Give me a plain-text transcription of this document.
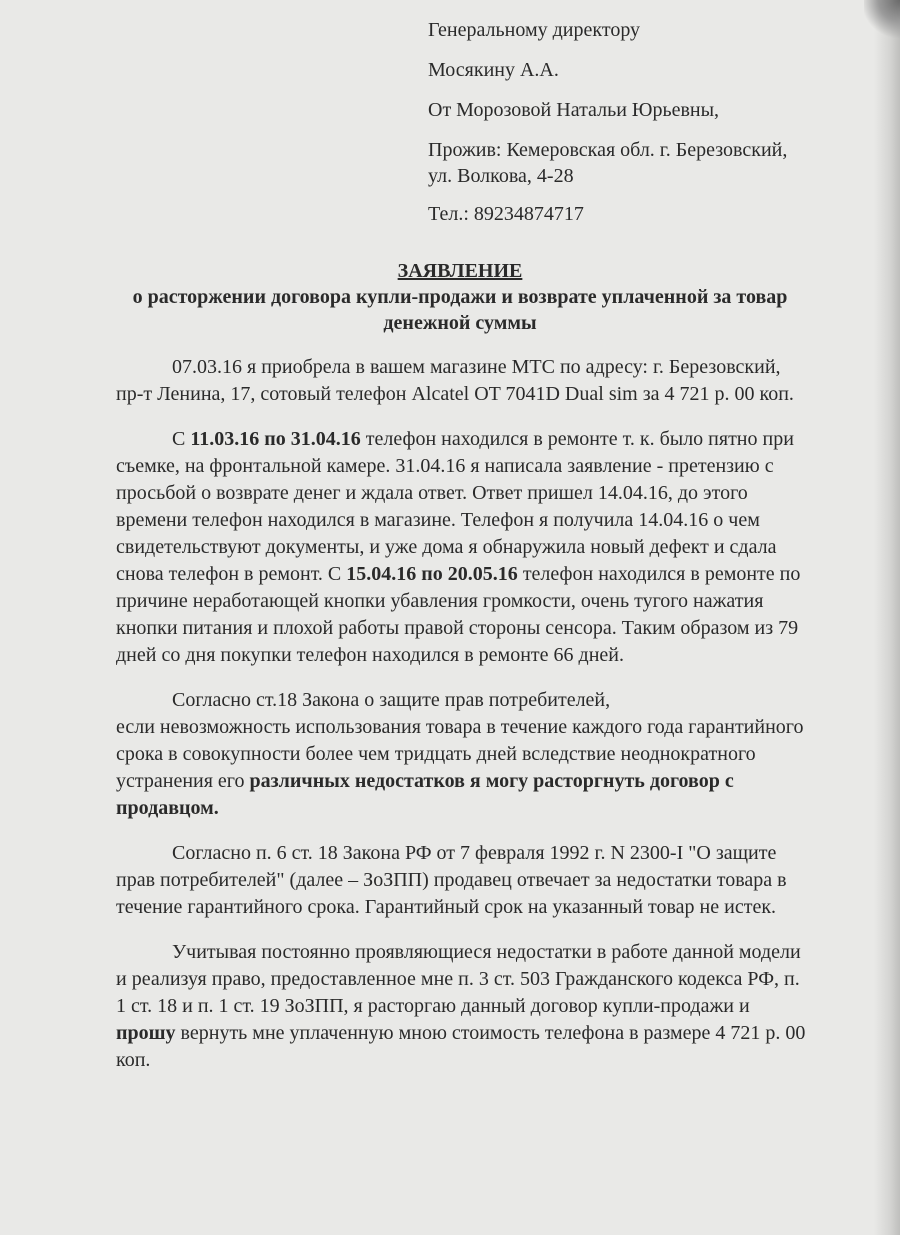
Генеральному директору

Мосякину А.А.

От Морозовой Натальи Юрьевны,

Прожив: Кемеровская обл. г. Березовский,
ул. Волкова, 4-28

Тел.: 89234874717

ЗАЯВЛЕНИЕ
о расторжении договора купли-продажи и возврате уплаченной за товар денежной суммы

07.03.16 я приобрела в вашем магазине МТС по адресу: г. Березовский, пр-т Ленина, 17, сотовый телефон Alcatel OT 7041D Dual sim за 4 721 р. 00 коп.

С 11.03.16 по 31.04.16 телефон находился в ремонте т. к. было пятно при съемке, на фронтальной камере. 31.04.16 я написала заявление - претензию с просьбой о возврате денег и ждала ответ. Ответ пришел 14.04.16, до этого времени телефон находился в магазине. Телефон я получила 14.04.16 о чем свидетельствуют документы, и уже дома я обнаружила новый дефект и сдала снова телефон в ремонт. С 15.04.16 по 20.05.16 телефон находился в ремонте по причине неработающей кнопки убавления громкости, очень тугого нажатия кнопки питания и плохой работы правой стороны сенсора. Таким образом из 79 дней со дня покупки телефон находился в ремонте 66 дней.

Согласно ст.18 Закона о защите прав потребителей,
если невозможность использования товара в течение каждого года гарантийного срока в совокупности более чем тридцать дней вследствие неоднократного устранения его различных недостатков я могу расторгнуть договор с продавцом.

Согласно п. 6 ст. 18 Закона РФ от 7 февраля 1992 г. N 2300-I "О защите прав потребителей" (далее – ЗоЗПП) продавец отвечает за недостатки товара в течение гарантийного срока. Гарантийный срок на указанный товар не истек.

Учитывая постоянно проявляющиеся недостатки в работе данной модели и реализуя право, предоставленное мне п. 3 ст. 503 Гражданского кодекса РФ, п. 1 ст. 18 и п. 1 ст. 19 ЗоЗПП, я расторгаю данный договор купли-продажи и прошу вернуть мне уплаченную мною стоимость телефона в размере 4 721 р. 00 коп.
